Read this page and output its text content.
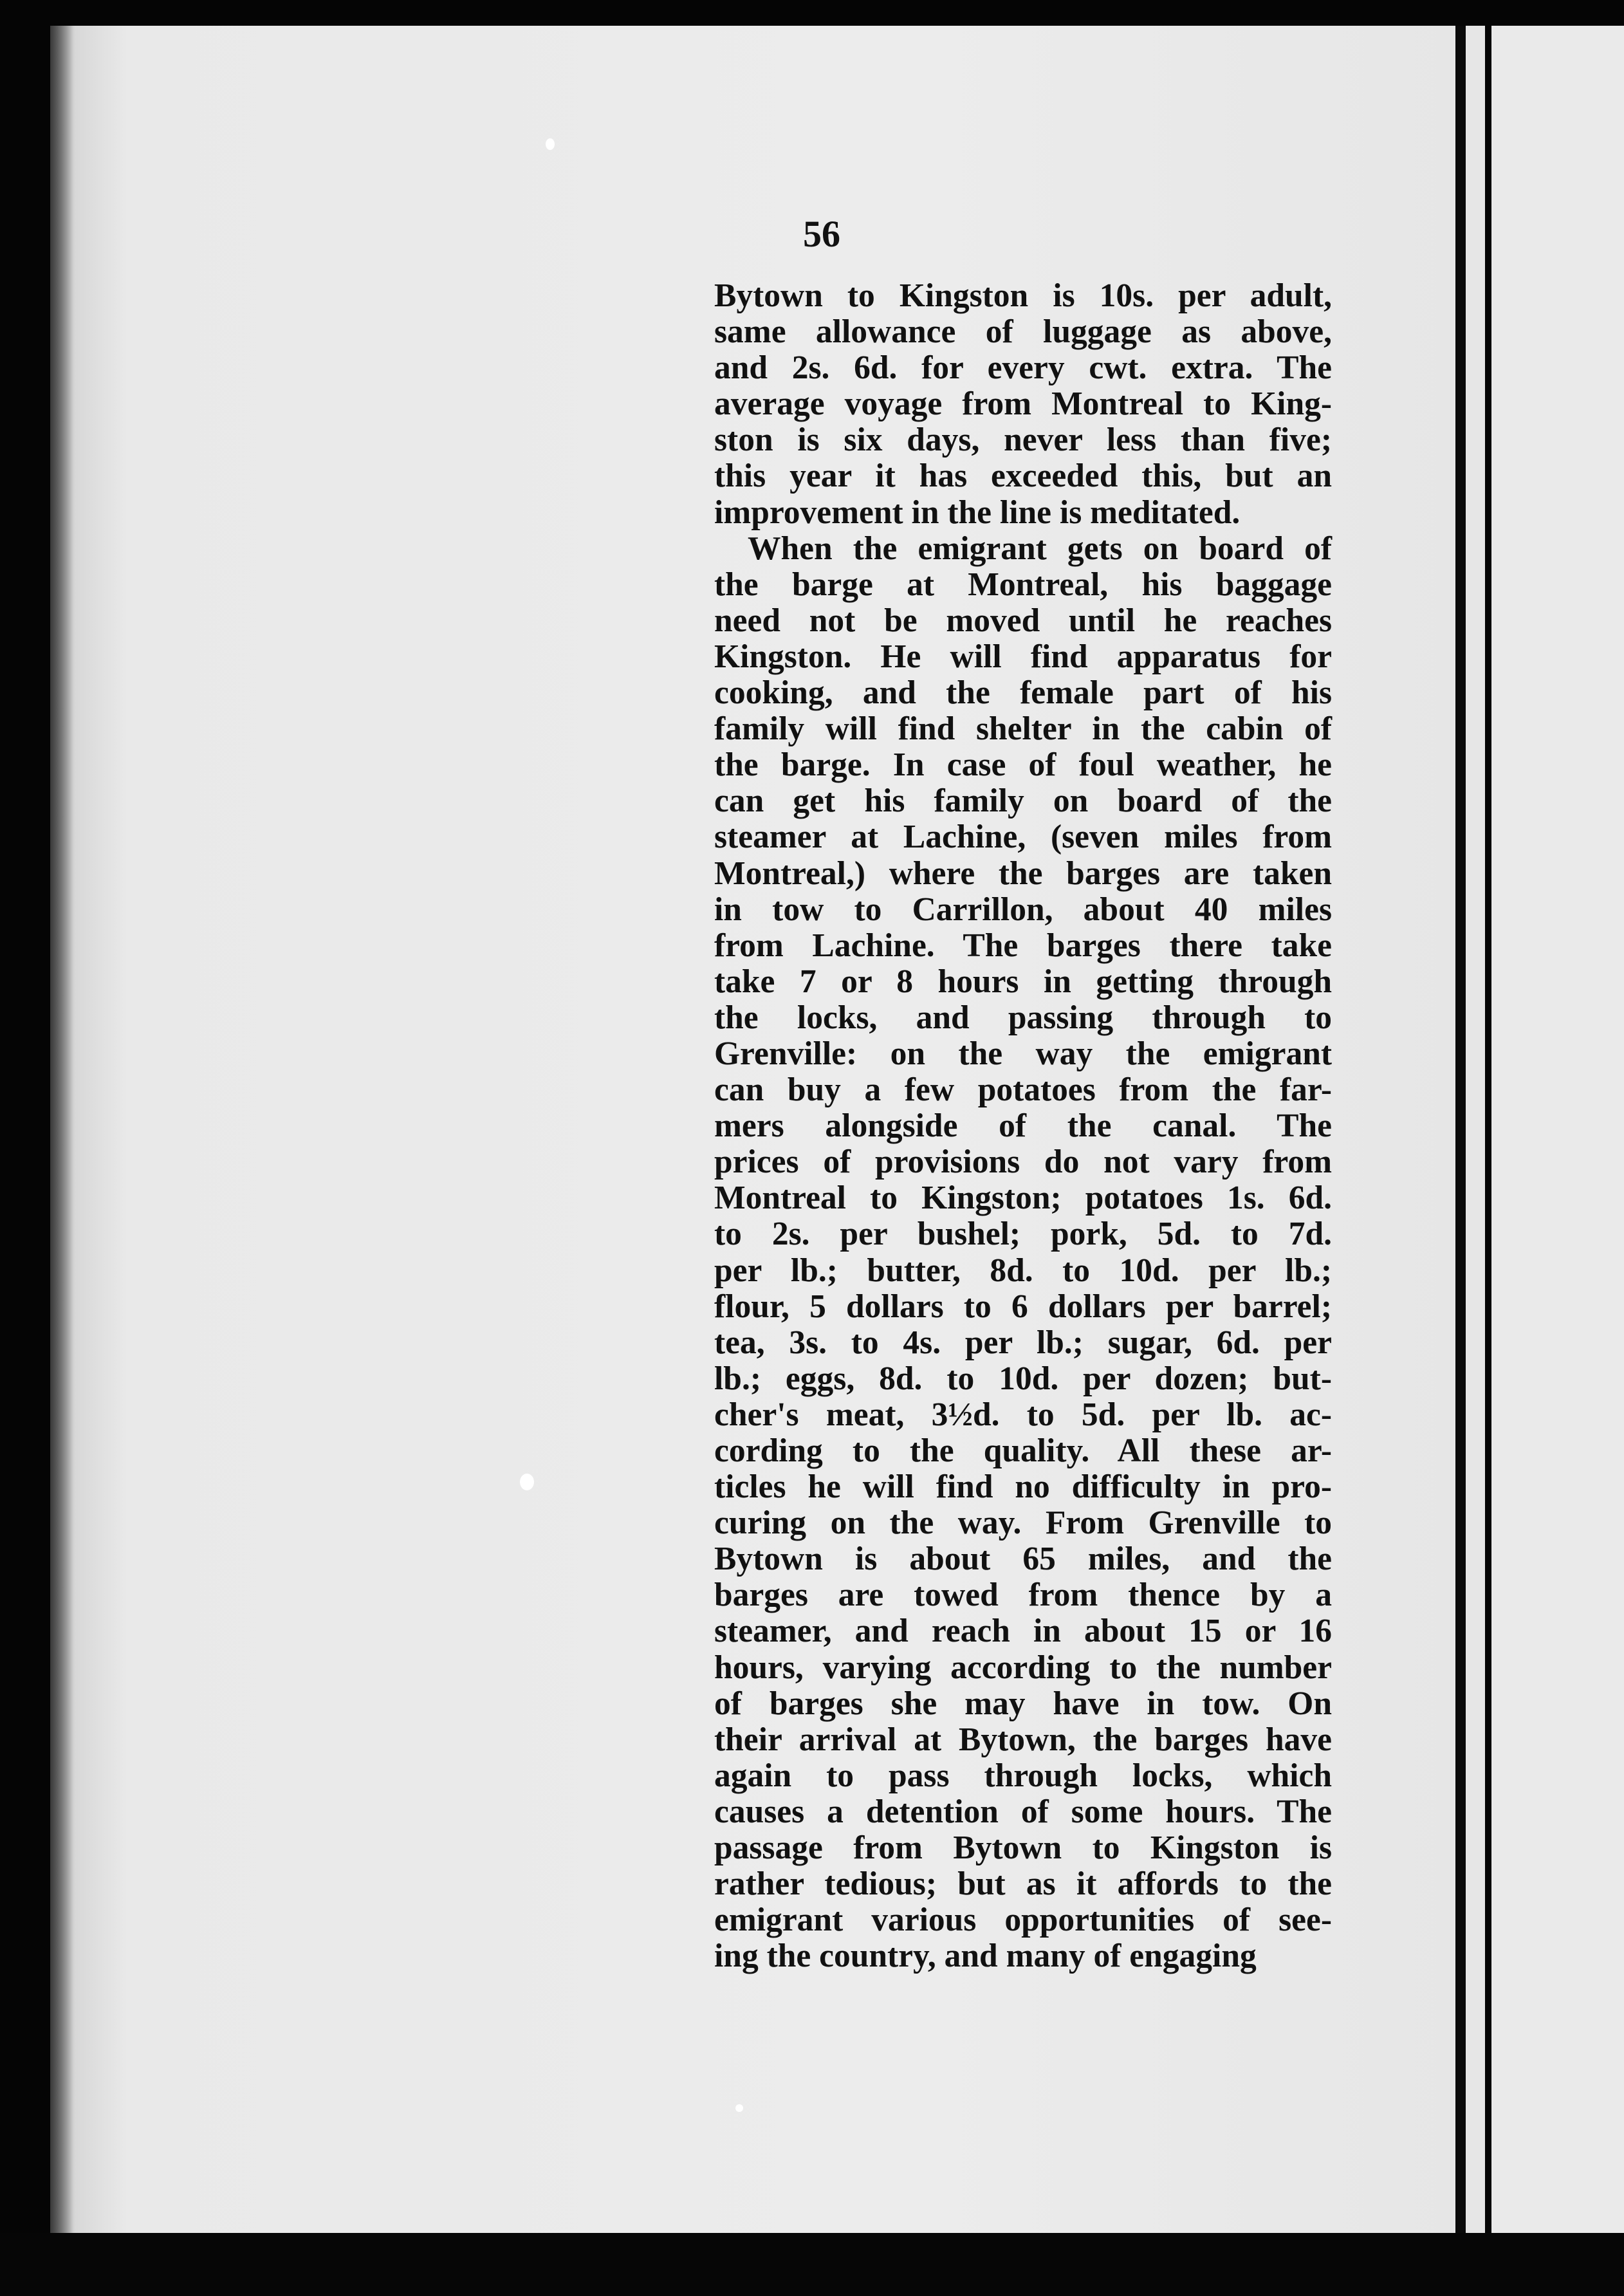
56
Bytown to Kingston is 10s. per adult,
same allowance of luggage as above,
and 2s. 6d. for every cwt. extra. The
average voyage from Montreal to King-
ston is six days, never less than five;
this year it has exceeded this, but an
improvement in the line is meditated.
When the emigrant gets on board of
the barge at Montreal, his baggage
need not be moved until he reaches
Kingston. He will find apparatus for
cooking, and the female part of his
family will find shelter in the cabin of
the barge. In case of foul weather, he
can get his family on board of the
steamer at Lachine, (seven miles from
Montreal,) where the barges are taken
in tow to Carrillon, about 40 miles
from Lachine. The barges there take
take 7 or 8 hours in getting through
the locks, and passing through to
Grenville: on the way the emigrant
can buy a few potatoes from the far-
mers alongside of the canal. The
prices of provisions do not vary from
Montreal to Kingston; potatoes 1s. 6d.
to 2s. per bushel; pork, 5d. to 7d.
per lb.; butter, 8d. to 10d. per lb.;
flour, 5 dollars to 6 dollars per barrel;
tea, 3s. to 4s. per lb.; sugar, 6d. per
lb.; eggs, 8d. to 10d. per dozen; but-
cher's meat, 3½d. to 5d. per lb. ac-
cording to the quality. All these ar-
ticles he will find no difficulty in pro-
curing on the way. From Grenville to
Bytown is about 65 miles, and the
barges are towed from thence by a
steamer, and reach in about 15 or 16
hours, varying according to the number
of barges she may have in tow. On
their arrival at Bytown, the barges have
again to pass through locks, which
causes a detention of some hours. The
passage from Bytown to Kingston is
rather tedious; but as it affords to the
emigrant various opportunities of see-
ing the country, and many of engaging
